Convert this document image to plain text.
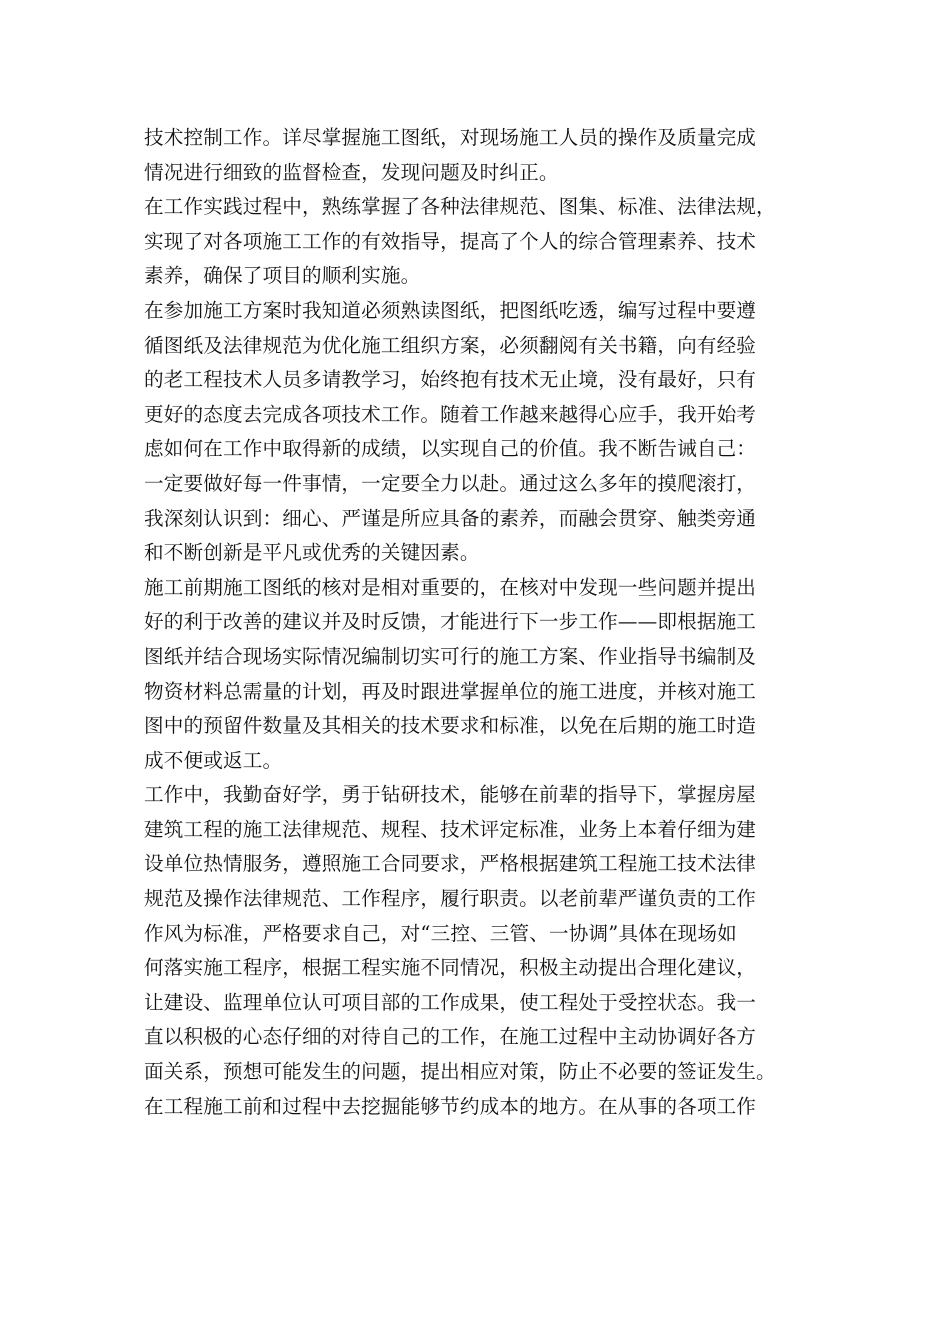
技术控制工作。详尽掌握施工图纸，对现场施工人员的操作及质量完成
情况进行细致的监督检查，发现问题及时纠正。
在工作实践过程中，熟练掌握了各种法律规范、图集、标准、法律法规，
实现了对各项施工工作的有效指导，提高了个人的综合管理素养、技术
素养，确保了项目的顺利实施。
在参加施工方案时我知道必须熟读图纸，把图纸吃透，编写过程中要遵
循图纸及法律规范为优化施工组织方案，必须翻阅有关书籍，向有经验
的老工程技术人员多请教学习，始终抱有技术无止境，没有最好，只有
更好的态度去完成各项技术工作。随着工作越来越得心应手，我开始考
虑如何在工作中取得新的成绩，以实现自己的价值。我不断告诫自己：
一定要做好每一件事情，一定要全力以赴。通过这么多年的摸爬滚打，
我深刻认识到：细心、严谨是所应具备的素养，而融会贯穿、触类旁通
和不断创新是平凡或优秀的关键因素。
施工前期施工图纸的核对是相对重要的，在核对中发现一些问题并提出
好的利于改善的建议并及时反馈，才能进行下一步工作——即根据施工
图纸并结合现场实际情况编制切实可行的施工方案、作业指导书编制及
物资材料总需量的计划，再及时跟进掌握单位的施工进度，并核对施工
图中的预留件数量及其相关的技术要求和标准，以免在后期的施工时造
成不便或返工。
工作中，我勤奋好学，勇于钻研技术，能够在前辈的指导下，掌握房屋
建筑工程的施工法律规范、规程、技术评定标准，业务上本着仔细为建
设单位热情服务，遵照施工合同要求，严格根据建筑工程施工技术法律
规范及操作法律规范、工作程序，履行职责。以老前辈严谨负责的工作
作风为标准，严格要求自己，对“三控、三管、一协调”具体在现场如
何落实施工程序，根据工程实施不同情况，积极主动提出合理化建议，
让建设、监理单位认可项目部的工作成果，使工程处于受控状态。我一
直以积极的心态仔细的对待自己的工作，在施工过程中主动协调好各方
面关系，预想可能发生的问题，提出相应对策，防止不必要的签证发生。
在工程施工前和过程中去挖掘能够节约成本的地方。在从事的各项工作
